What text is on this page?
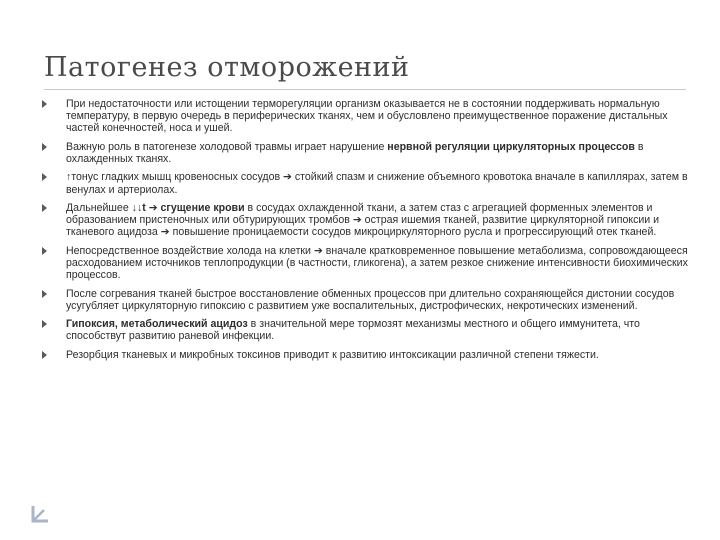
Патогенез отморожений
При недостаточности или истощении терморегуляции организм оказывается не в состоянии поддерживать нормальную температуру, в первую очередь в периферических тканях, чем и обусловлено преимущественное поражение дистальных частей конечностей, носа и ушей.
Важную роль в патогенезе холодовой травмы играет нарушение нервной регуляции циркуляторных процессов в охлажденных тканях.
↑тонус гладких мышц кровеносных сосудов ➔ стойкий спазм и снижение объемного кровотока вначале в капиллярах, затем в венулах и артериолах.
Дальнейшее ↓↓t ➔ сгущение крови в сосудах охлажденной ткани, а затем стаз с агрегацией форменных элементов и образованием пристеночных или обтурирующих тромбов ➔ острая ишемия тканей, развитие циркуляторной гипоксии и тканевого ацидоза ➔ повышение проницаемости сосудов микроциркуляторного русла и прогрессирующий отек тканей.
Непосредственное воздействие холода на клетки ➔ вначале кратковременное повышение метаболизма, сопровождающееся расходованием источников теплопродукции (в частности, гликогена), а затем резкое снижение интенсивности биохимических процессов.
После согревания тканей быстрое восстановление обменных процессов при длительно сохраняющейся дистонии сосудов усугубляет циркуляторную гипоксию с развитием уже воспалительных, дистрофических, некротических изменений.
Гипоксия, метаболический ацидоз в значительной мере тормозят механизмы местного и общего иммунитета, что способствут развитию раневой инфекции.
Резорбция тканевых и микробных токсинов приводит к развитию интоксикации различной степени тяжести.
